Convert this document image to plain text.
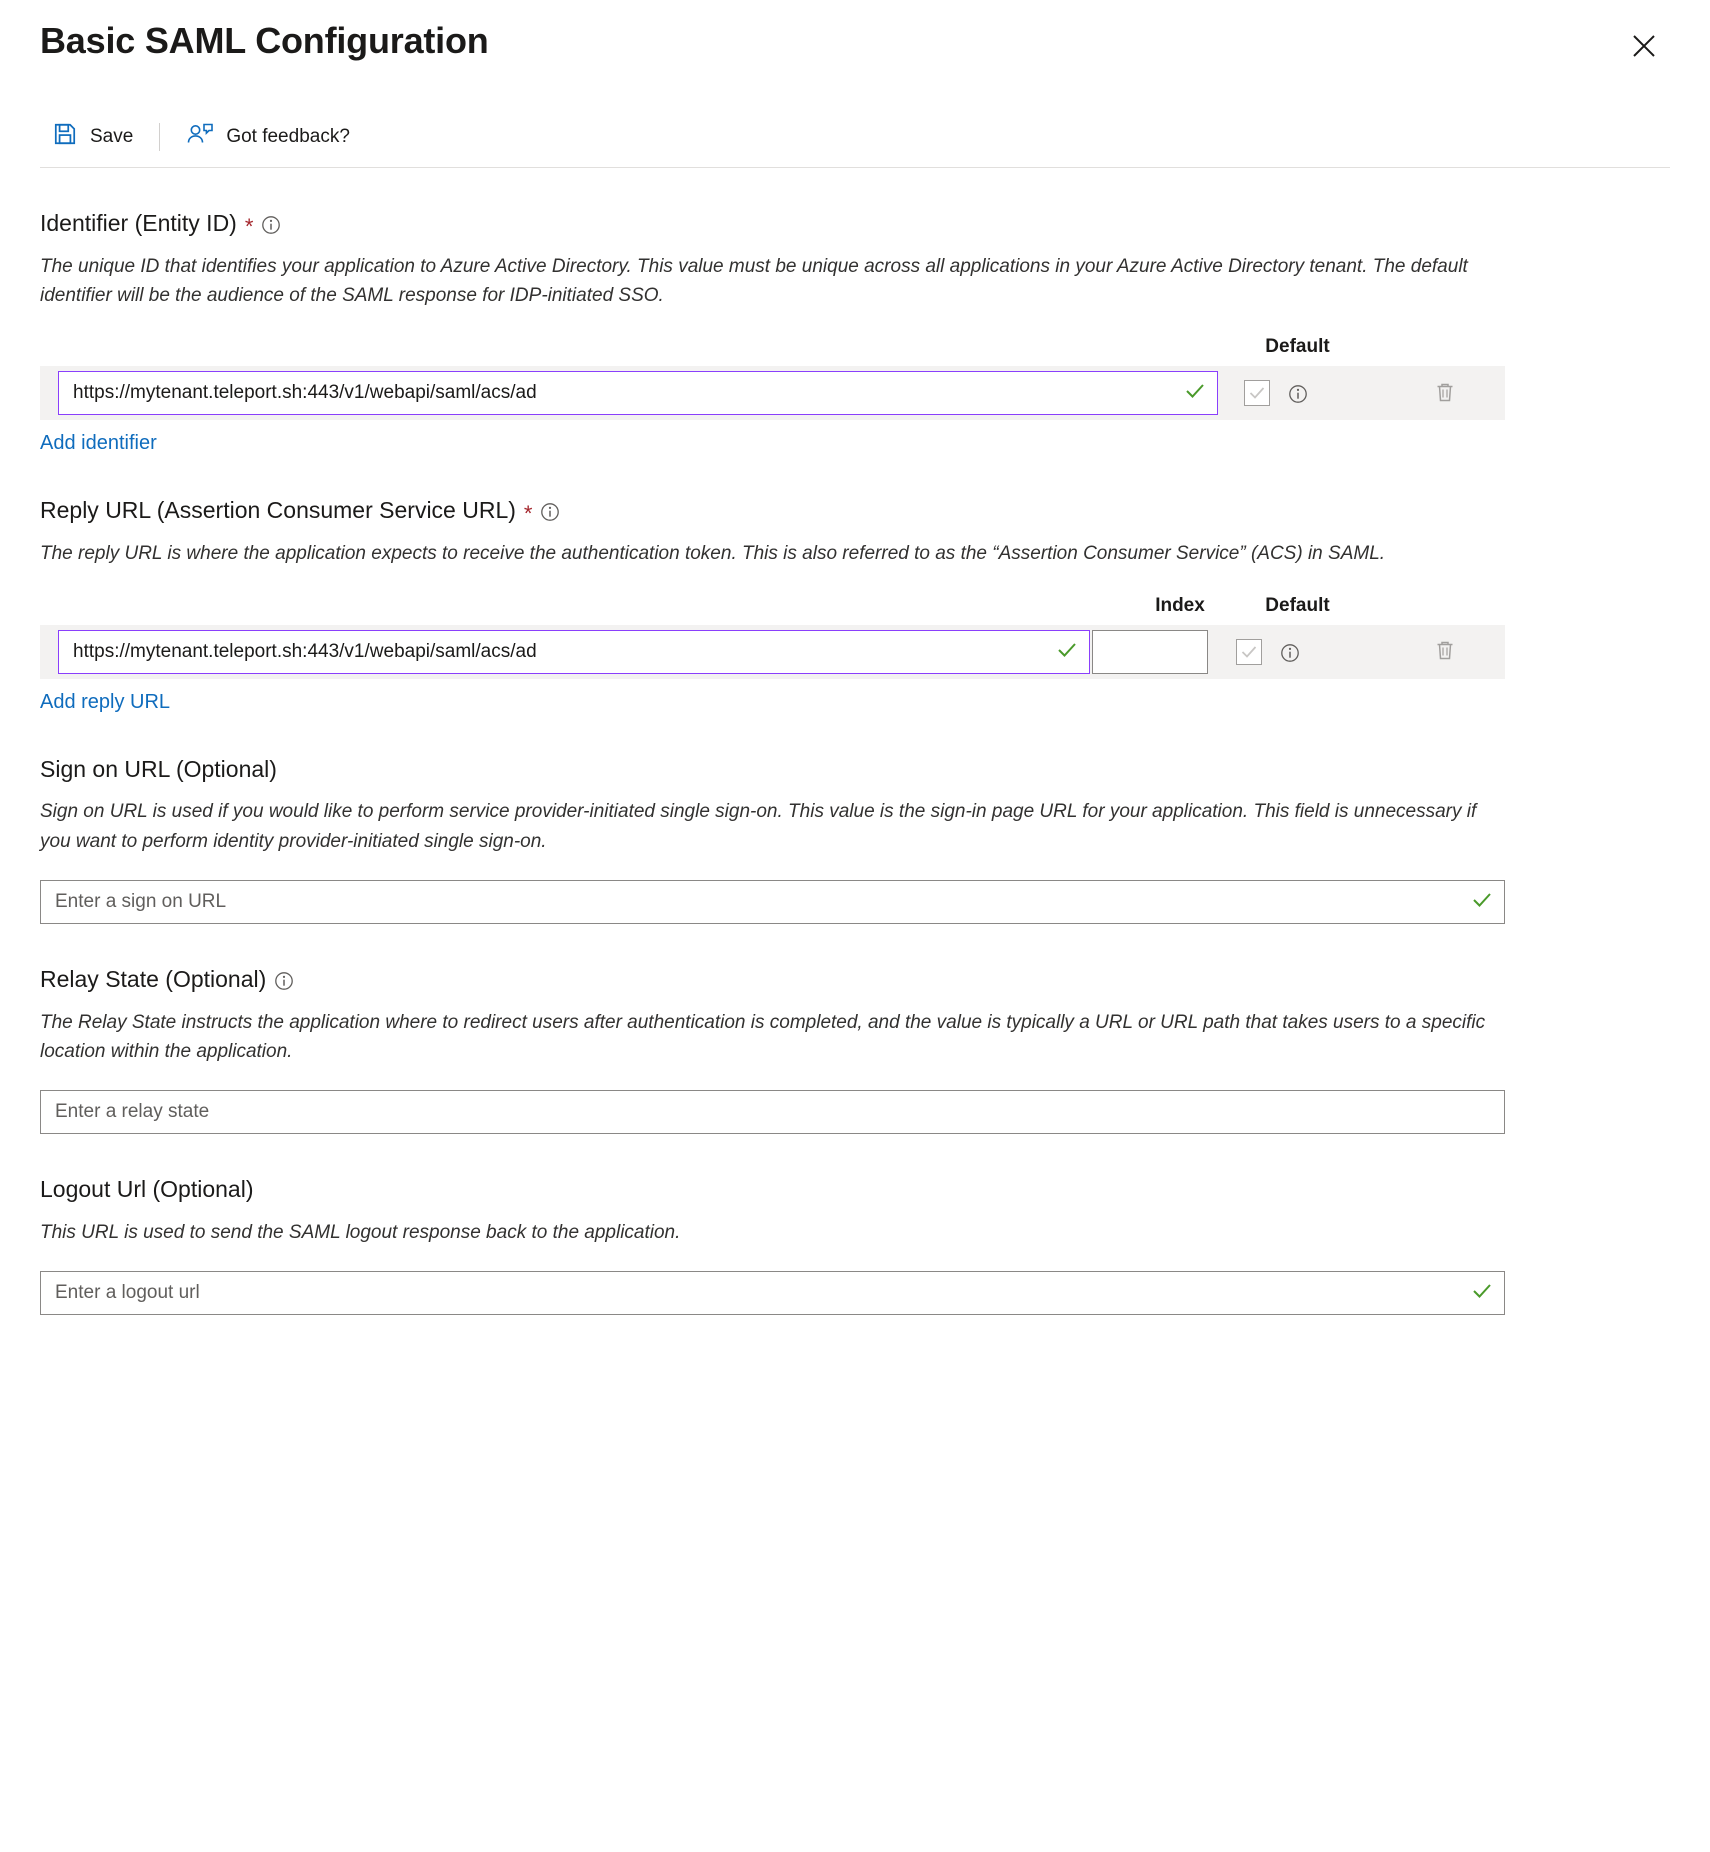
Basic SAML Configuration
Save	Got feedback?
Identifier (Entity ID) *
The unique ID that identifies your application to Azure Active Directory. This value must be unique across all applications in your Azure Active Directory tenant. The default identifier will be the audience of the SAML response for IDP-initiated SSO.
Default
https://mytenant.teleport.sh:443/v1/webapi/saml/acs/ad
Add identifier
Reply URL (Assertion Consumer Service URL) *
The reply URL is where the application expects to receive the authentication token. This is also referred to as the “Assertion Consumer Service” (ACS) in SAML.
Index	Default
https://mytenant.teleport.sh:443/v1/webapi/saml/acs/ad
Add reply URL
Sign on URL (Optional)
Sign on URL is used if you would like to perform service provider-initiated single sign-on. This value is the sign-in page URL for your application. This field is unnecessary if you want to perform identity provider-initiated single sign-on.
Enter a sign on URL
Relay State (Optional)
The Relay State instructs the application where to redirect users after authentication is completed, and the value is typically a URL or URL path that takes users to a specific location within the application.
Enter a relay state
Logout Url (Optional)
This URL is used to send the SAML logout response back to the application.
Enter a logout url
